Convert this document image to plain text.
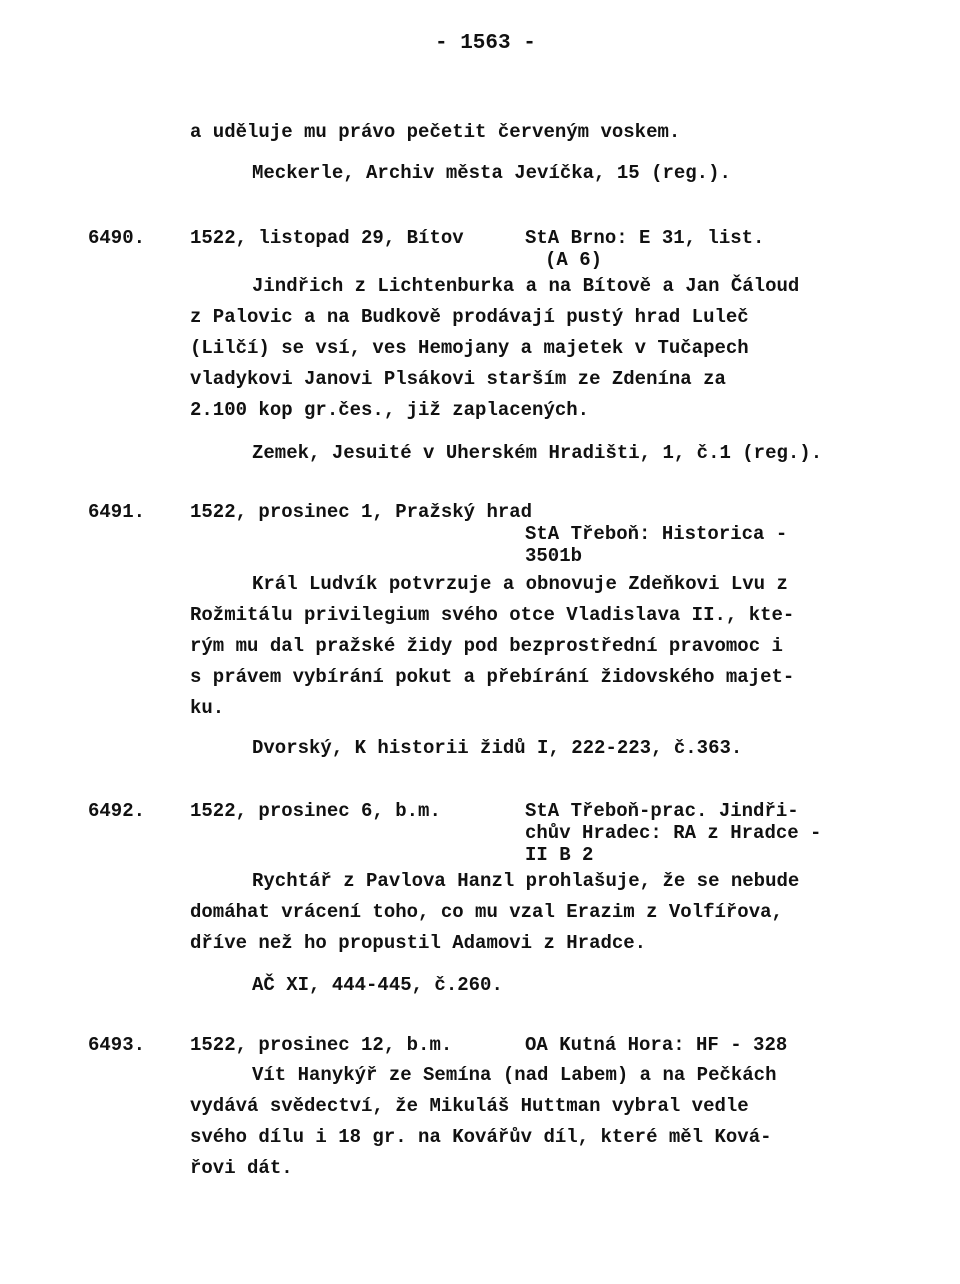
- 1563 -
a uděluje mu právo pečetit červeným voskem.
Meckerle, Archiv města Jevíčka, 15 (reg.).
6490. 1522, listopad 29, Bítov	StA Brno: E 31, list.
(A 6)
Jindřich z Lichtenburka a na Bítově a Jan Čáloud
z Palovic a na Budkově prodávají pustý hrad Luleč
(Lilčí) se vsí, ves Hemojany a majetek v Tučapech
vladykovi Janovi Plsákovi starším ze Zdenína za
2.100 kop gr.čes., již zaplacených.
Zemek, Jesuité v Uherském Hradišti, 1, č.1 (reg.).
6491. 1522, prosinec 1, Pražský hrad
StA Třeboň: Historica -
3501b
Král Ludvík potvrzuje a obnovuje Zdeňkovi Lvu z
Rožmitálu privilegium svého otce Vladislava II., kte-
rým mu dal pražské židy pod bezprostřední pravomoc i
s právem vybírání pokut a přebírání židovského majet-
ku.
Dvorský, K historii židů I, 222-223, č.363.
6492. 1522, prosinec 6, b.m.	StA Třeboň-prac. Jindři-
chův Hradec: RA z Hradce -
II B 2
Rychtář z Pavlova Hanzl prohlašuje, že se nebude
domáhat vrácení toho, co mu vzal Erazim z Volfířova,
dříve než ho propustil Adamovi z Hradce.
AČ XI, 444-445, č.260.
6493. 1522, prosinec 12, b.m.	OA Kutná Hora: HF - 328
Vít Hanykýř ze Semína (nad Labem) a na Pečkách
vydává svědectví, že Mikuláš Huttman vybral vedle
svého dílu i 18 gr. na Kovářův díl, které měl Ková-
řovi dát.
